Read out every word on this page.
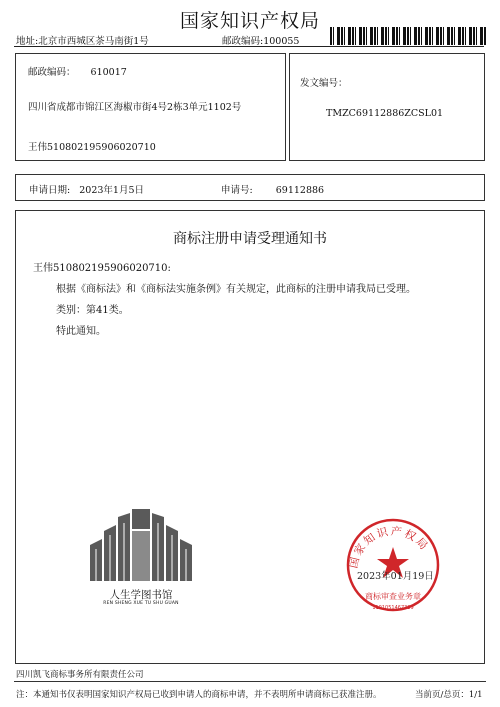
国家知识产权局
地址:北京市西城区茶马南街1号	邮政编码:100055
邮政编码： 610017
四川省成都市锦江区海椒市街4号2栋3单元1102号
王伟510802195906020710
发文编号：
TMZC69112886ZCSL01
申请日期: 2023年1月5日	申请号: 69112886
商标注册申请受理通知书
王伟510802195906020710:
根据《商标法》和《商标法实施条例》有关规定，此商标的注册申请我局已受理。
类别：第41类。
特此通知。
人生学图书馆
REN SHENG XUE TU SHU GUAN
国家知识产权局
商标审查业务章
1101051467339
2023年01月19日
四川凯飞商标事务所有限责任公司
注：本通知书仅表明国家知识产权局已收到申请人的商标申请，并不表明所申请商标已获准注册。	当前页/总页：1/1
